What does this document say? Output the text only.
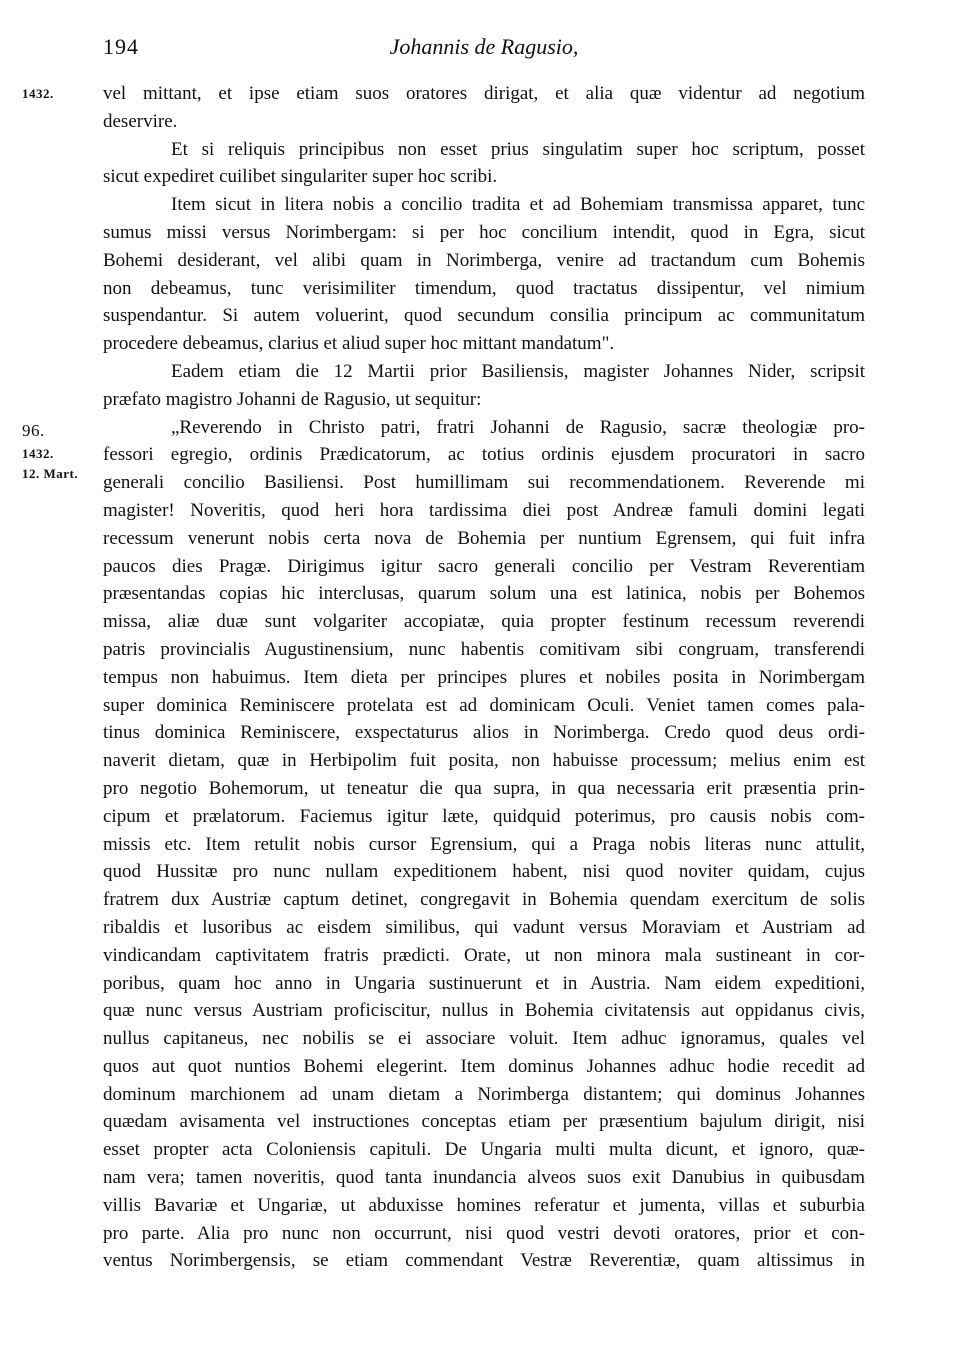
194	Johannis de Ragusio,
1432.
96.
1432.
12. Mart.
vel mittant, et ipse etiam suos oratores dirigat, et alia quæ videntur ad negotium
deservire.
Et si reliquis principibus non esset prius singulatim super hoc scriptum, posset
sicut expediret cuilibet singulariter super hoc scribi.
Item sicut in litera nobis a concilio tradita et ad Bohemiam transmissa apparet, tunc
sumus missi versus Norimbergam: si per hoc concilium intendit, quod in Egra, sicut
Bohemi desiderant, vel alibi quam in Norimberga, venire ad tractandum cum Bohemis
non debeamus, tunc verisimiliter timendum, quod tractatus dissipentur, vel nimium
suspendantur. Si autem voluerint, quod secundum consilia principum ac communitatum
procedere debeamus, clarius et aliud super hoc mittant mandatum".
Eadem etiam die 12 Martii prior Basiliensis, magister Johannes Nider, scripsit
præfato magistro Johanni de Ragusio, ut sequitur:
„Reverendo in Christo patri, fratri Johanni de Ragusio, sacræ theologiæ pro-
fessori egregio, ordinis Prædicatorum, ac totius ordinis ejusdem procuratori in sacro
generali concilio Basiliensi. Post humillimam sui recommendationem. Reverende mi
magister! Noveritis, quod heri hora tardissima diei post Andreæ famuli domini legati
recessum venerunt nobis certa nova de Bohemia per nuntium Egrensem, qui fuit infra
paucos dies Pragæ. Dirigimus igitur sacro generali concilio per Vestram Reverentiam
præsentandas copias hic interclusas, quarum solum una est latinica, nobis per Bohemos
missa, aliæ duæ sunt volgariter accopiatæ, quia propter festinum recessum reverendi
patris provincialis Augustinensium, nunc habentis comitivam sibi congruam, transferendi
tempus non habuimus. Item dieta per principes plures et nobiles posita in Norimbergam
super dominica Reminiscere protelata est ad dominicam Oculi. Veniet tamen comes pala-
tinus dominica Reminiscere, exspectaturus alios in Norimberga. Credo quod deus ordi-
naverit dietam, quæ in Herbipolim fuit posita, non habuisse processum; melius enim est
pro negotio Bohemorum, ut teneatur die qua supra, in qua necessaria erit præsentia prin-
cipum et prælatorum. Faciemus igitur læte, quidquid poterimus, pro causis nobis com-
missis etc. Item retulit nobis cursor Egrensium, qui a Praga nobis literas nunc attulit,
quod Hussitæ pro nunc nullam expeditionem habent, nisi quod noviter quidam, cujus
fratrem dux Austriæ captum detinet, congregavit in Bohemia quendam exercitum de solis
ribaldis et lusoribus ac eisdem similibus, qui vadunt versus Moraviam et Austriam ad
vindicandam captivitatem fratris prædicti. Orate, ut non minora mala sustineant in cor-
poribus, quam hoc anno in Ungaria sustinuerunt et in Austria. Nam eidem expeditioni,
quæ nunc versus Austriam proficiscitur, nullus in Bohemia civitatensis aut oppidanus civis,
nullus capitaneus, nec nobilis se ei associare voluit. Item adhuc ignoramus, quales vel
quos aut quot nuntios Bohemi elegerint. Item dominus Johannes adhuc hodie recedit ad
dominum marchionem ad unam dietam a Norimberga distantem; qui dominus Johannes
quædam avisamenta vel instructiones conceptas etiam per præsentium bajulum dirigit, nisi
esset propter acta Coloniensis capituli. De Ungaria multi multa dicunt, et ignoro, quæ-
nam vera; tamen noveritis, quod tanta inundancia alveos suos exit Danubius in quibusdam
villis Bavariæ et Ungariæ, ut abduxisse homines referatur et jumenta, villas et suburbia
pro parte. Alia pro nunc non occurrunt, nisi quod vestri devoti oratores, prior et con-
ventus Norimbergensis, se etiam commendant Vestræ Reverentiæ, quam altissimus in
